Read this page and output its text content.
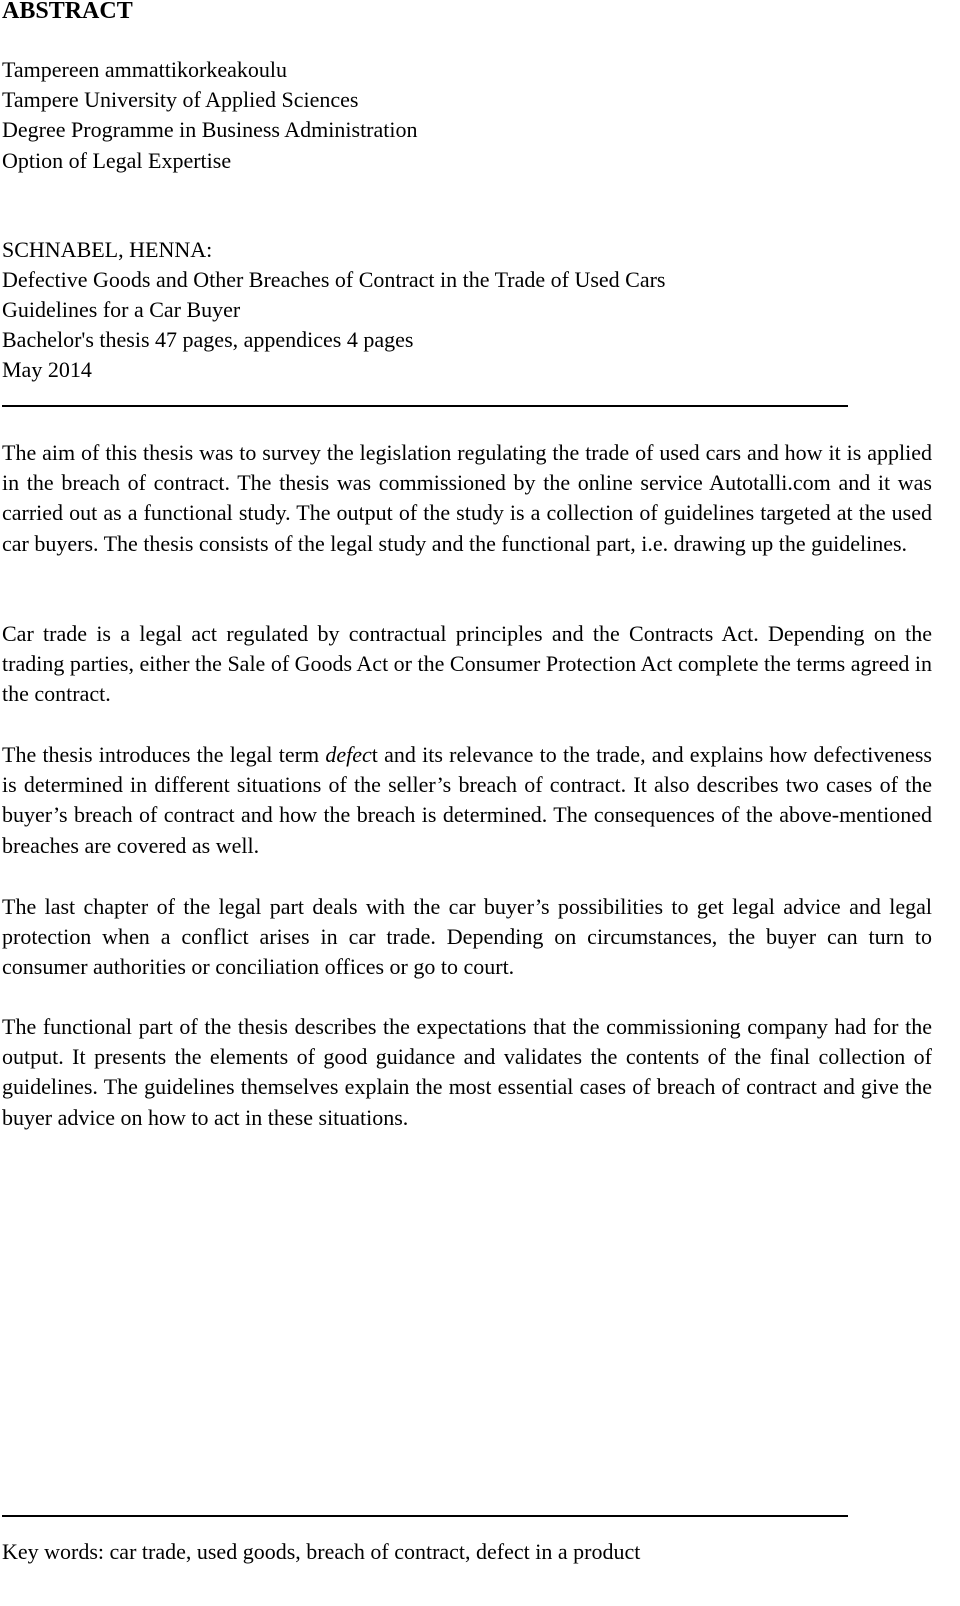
ABSTRACT
Tampereen ammattikorkeakoulu
Tampere University of Applied Sciences
Degree Programme in Business Administration
Option of Legal Expertise
SCHNABEL, HENNA:
Defective Goods and Other Breaches of Contract in the Trade of Used Cars
Guidelines for a Car Buyer
Bachelor's thesis 47 pages, appendices 4 pages
May 2014

The aim of this thesis was to survey the legislation regulating the trade of used cars and how it is applied in the breach of contract. The thesis was commissioned by the online service Autotalli.com and it was carried out as a functional study. The output of the study is a collection of guidelines targeted at the used car buyers. The thesis consists of the legal study and the functional part, i.e. drawing up the guidelines.

Car trade is a legal act regulated by contractual principles and the Contracts Act. Depending on the trading parties, either the Sale of Goods Act or the Consumer Protection Act complete the terms agreed in the contract.

The thesis introduces the legal term defect and its relevance to the trade, and explains how defectiveness is determined in different situations of the seller’s breach of contract. It also describes two cases of the buyer’s breach of contract and how the breach is determined. The consequences of the above-mentioned breaches are covered as well.

The last chapter of the legal part deals with the car buyer’s possibilities to get legal advice and legal protection when a conflict arises in car trade. Depending on circumstances, the buyer can turn to consumer authorities or conciliation offices or go to court.

The functional part of the thesis describes the expectations that the commissioning company had for the output. It presents the elements of good guidance and validates the contents of the final collection of guidelines. The guidelines themselves explain the most essential cases of breach of contract and give the buyer advice on how to act in these situations.

Key words: car trade, used goods, breach of contract, defect in a product
